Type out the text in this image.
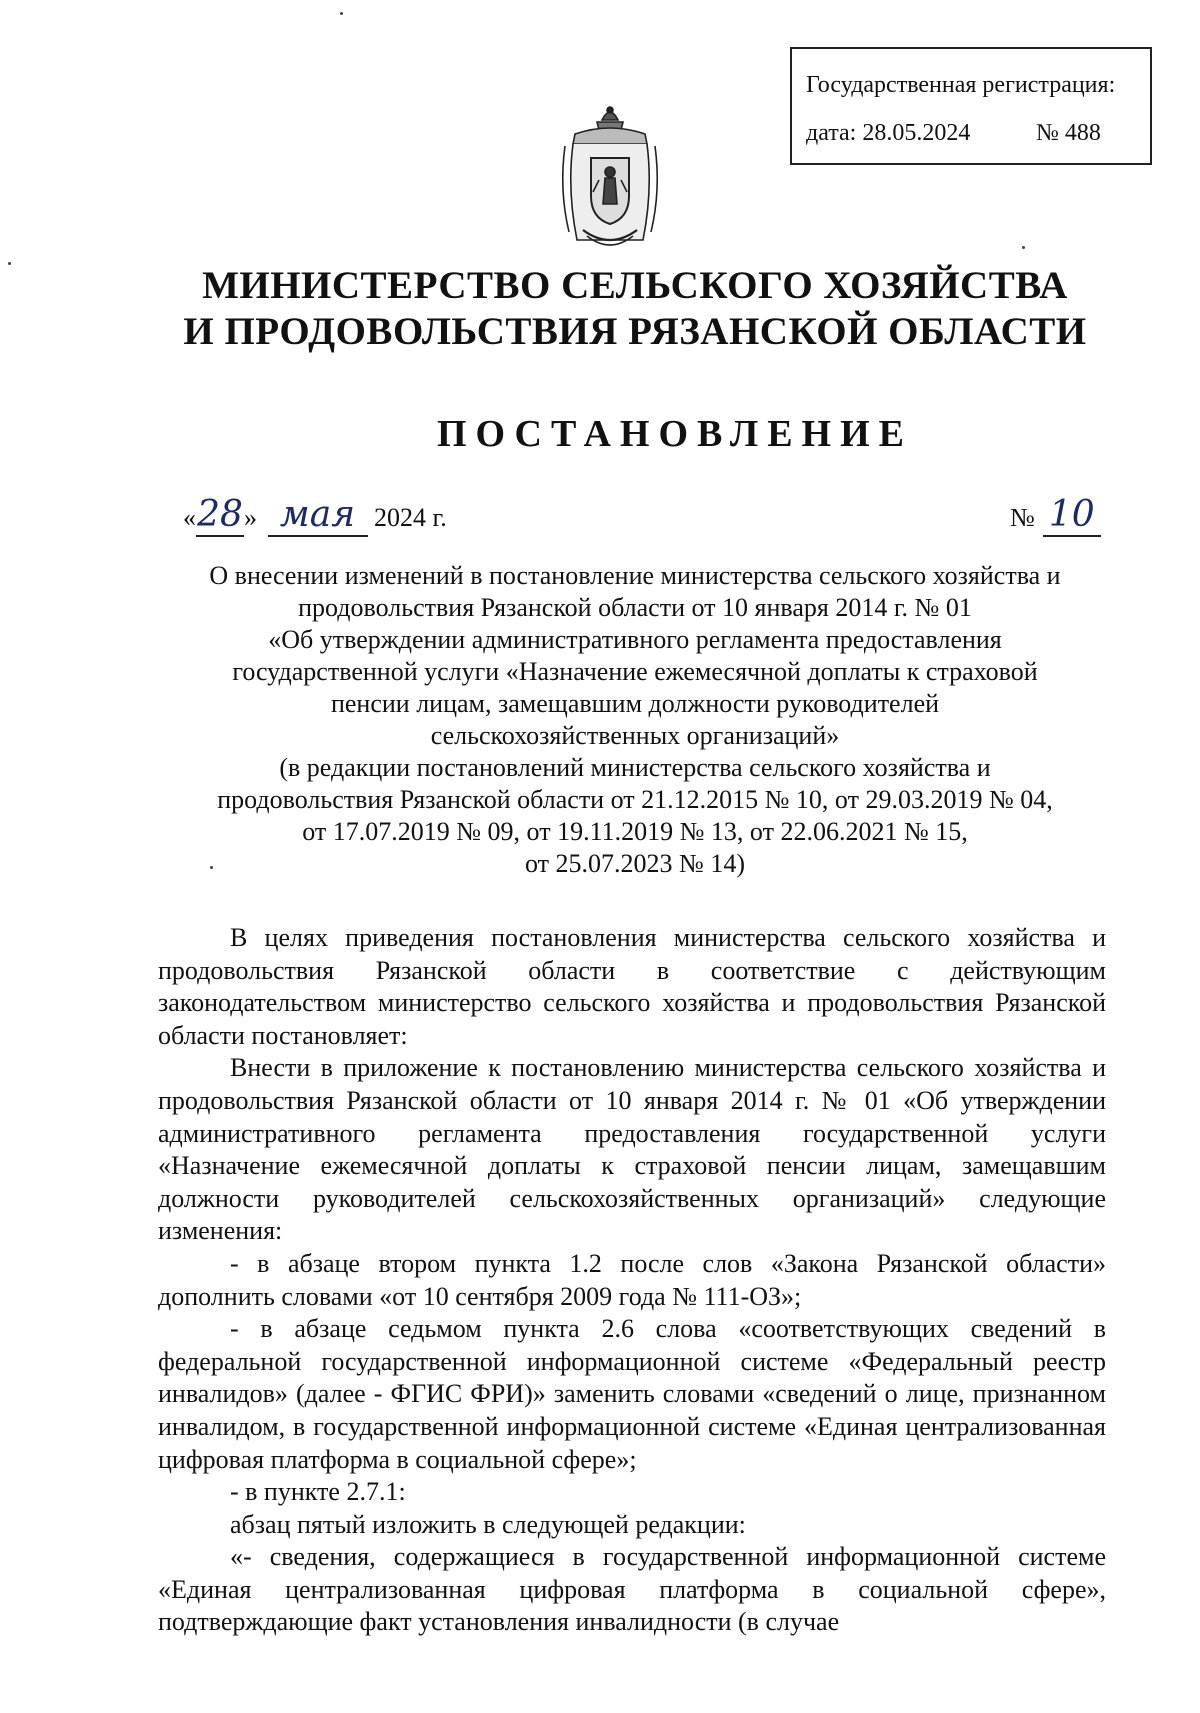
Государственная регистрация:
дата: 28.05.2024	№ 488
МИНИСТЕРСТВО СЕЛЬСКОГО ХОЗЯЙСТВА
И ПРОДОВОЛЬСТВИЯ РЯЗАНСКОЙ ОБЛАСТИ
ПОСТАНОВЛЕНИЕ
«28» мая 2024 г.	№ 10

О внесении изменений в постановление министерства сельского хозяйства и

продовольствия Рязанской области от 10 января 2014 г. № 01

«Об утверждении административного регламента предоставления

государственной услуги «Назначение ежемесячной доплаты к страховой

пенсии лицам, замещавшим должности руководителей

сельскохозяйственных организаций»

(в редакции постановлений министерства сельского хозяйства и

продовольствия Рязанской области от 21.12.2015 № 10, от 29.03.2019 № 04,

от 17.07.2019 № 09, от 19.11.2019 № 13, от 22.06.2021 № 15,

от 25.07.2023 № 14)

В целях приведения постановления министерства сельского хозяйства и продовольствия Рязанской области в соответствие с действующим законодательством министерство сельского хозяйства и продовольствия Рязанской области постановляет:

Внести в приложение к постановлению министерства сельского хозяйства и продовольствия Рязанской области от 10 января 2014 г. № 01 «Об утверждении административного регламента предоставления государственной услуги «Назначение ежемесячной доплаты к страховой пенсии лицам, замещавшим должности руководителей сельскохозяйственных организаций» следующие изменения:

- в абзаце втором пункта 1.2 после слов «Закона Рязанской области» дополнить словами «от 10 сентября 2009 года № 111-ОЗ»;

- в абзаце седьмом пункта 2.6 слова «соответствующих сведений в федеральной государственной информационной системе «Федеральный реестр инвалидов» (далее - ФГИС ФРИ)» заменить словами «сведений о лице, признанном инвалидом, в государственной информационной системе «Единая централизованная цифровая платформа в социальной сфере»;

- в пункте 2.7.1:

абзац пятый изложить в следующей редакции:

«- сведения, содержащиеся в государственной информационной системе «Единая централизованная цифровая платформа в социальной сфере», подтверждающие факт установления инвалидности (в случае
